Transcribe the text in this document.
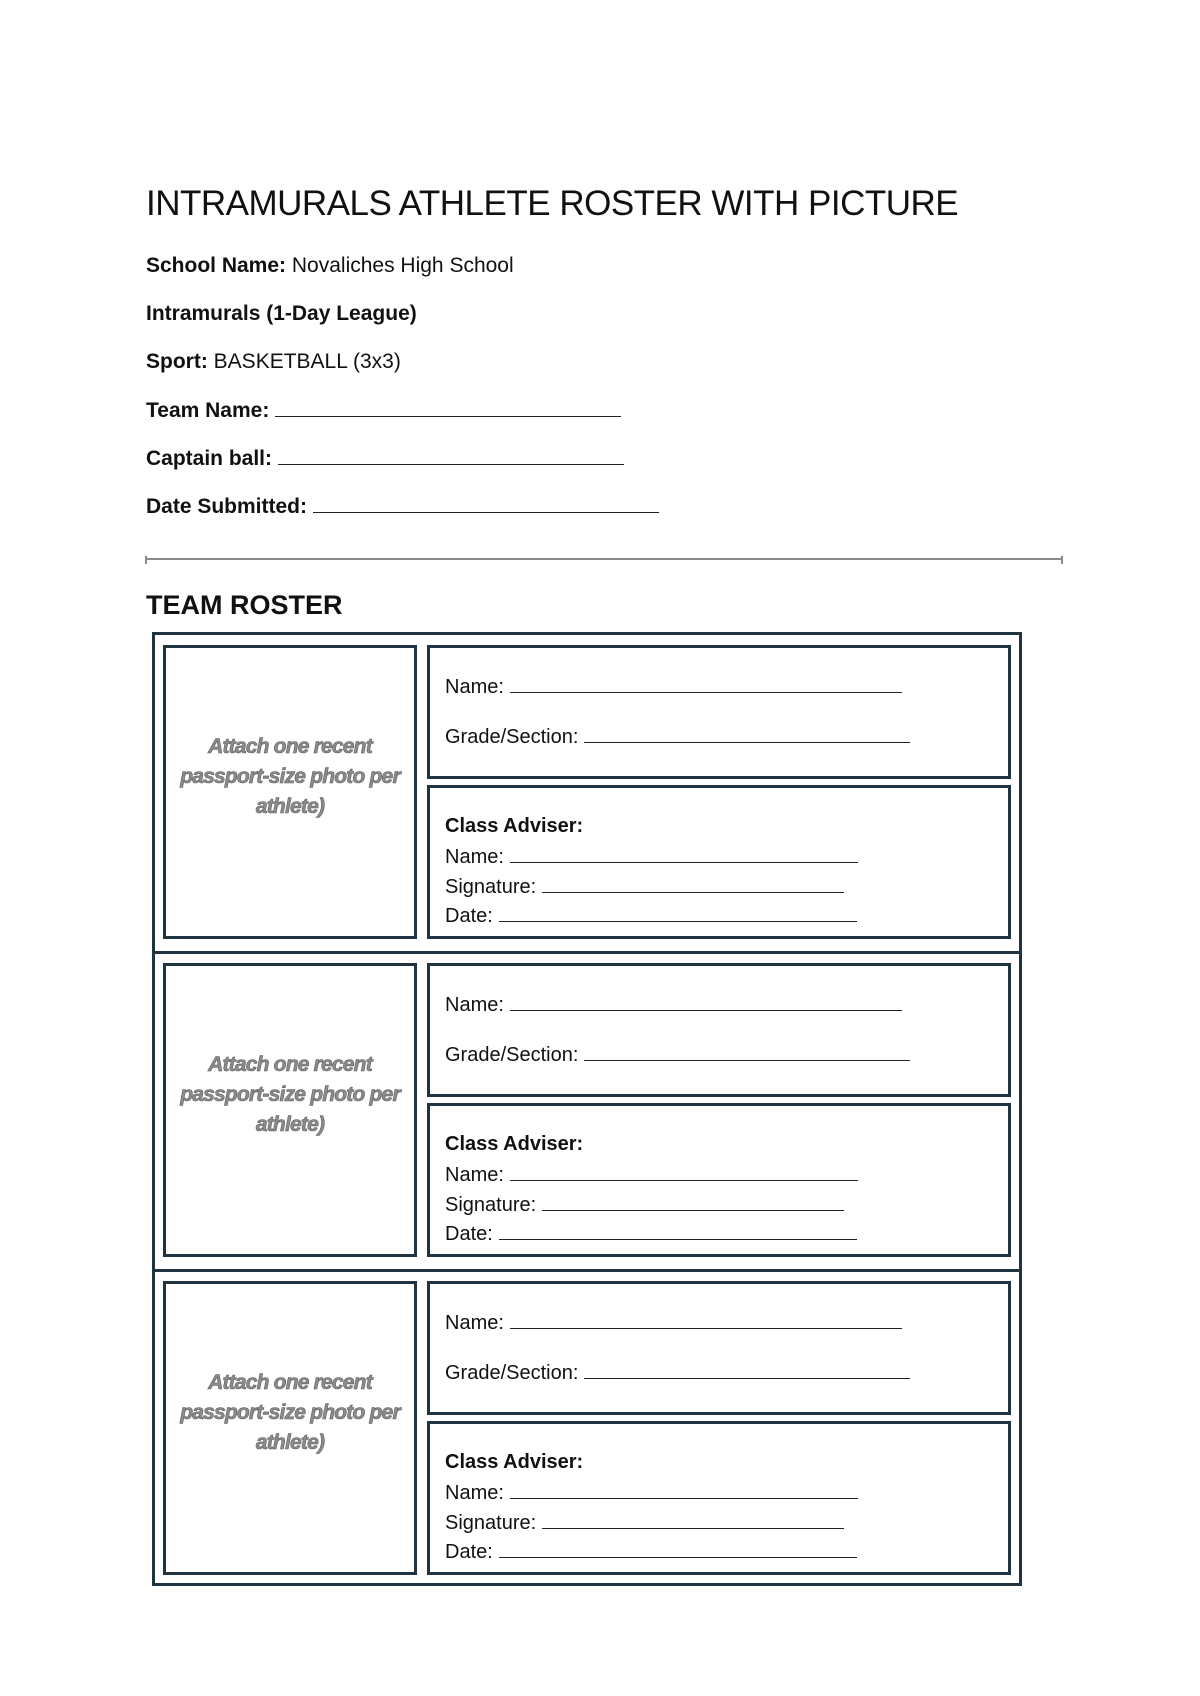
INTRAMURALS ATHLETE ROSTER WITH PICTURE
School Name: Novaliches High School
Intramurals (1-Day League)
Sport: BASKETBALL (3x3)
Team Name:
Captain ball:
Date Submitted:
TEAM ROSTER
Attach one recent passport-size photo per athlete)
Name:
Grade/Section:
Class Adviser:
Name:
Signature:
Date:
Attach one recent passport-size photo per athlete)
Name:
Grade/Section:
Class Adviser:
Name:
Signature:
Date:
Attach one recent passport-size photo per athlete)
Name:
Grade/Section:
Class Adviser:
Name:
Signature:
Date:
